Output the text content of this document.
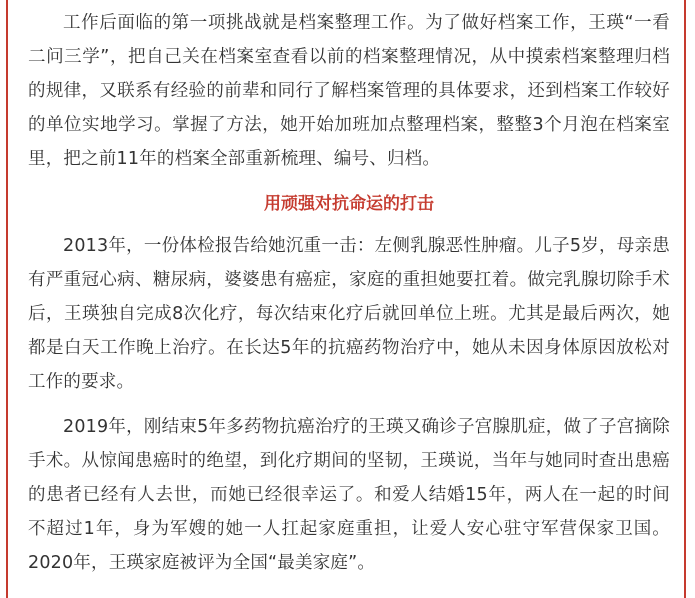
工作后面临的第一项挑战就是档案整理工作。为了做好档案工作，王瑛“一看二问三学”，把自己关在档案室查看以前的档案整理情况，从中摸索档案整理归档的规律，又联系有经验的前辈和同行了解档案管理的具体要求，还到档案工作较好的单位实地学习。掌握了方法，她开始加班加点整理档案，整整3个月泡在档案室里，把之前11年的档案全部重新梳理、编号、归档。

用顽强对抗命运的打击

2013年，一份体检报告给她沉重一击：左侧乳腺恶性肿瘤。儿子5岁，母亲患有严重冠心病、糖尿病，婆婆患有癌症，家庭的重担她要扛着。做完乳腺切除手术后，王瑛独自完成8次化疗，每次结束化疗后就回单位上班。尤其是最后两次，她都是白天工作晚上治疗。在长达5年的抗癌药物治疗中，她从未因身体原因放松对工作的要求。

2019年，刚结束5年多药物抗癌治疗的王瑛又确诊子宫腺肌症，做了子宫摘除手术。从惊闻患癌时的绝望，到化疗期间的坚韧，王瑛说，当年与她同时查出患癌的患者已经有人去世，而她已经很幸运了。和爱人结婚15年，两人在一起的时间不超过1年，身为军嫂的她一人扛起家庭重担，让爱人安心驻守军营保家卫国。2020年，王瑛家庭被评为全国“最美家庭”。
